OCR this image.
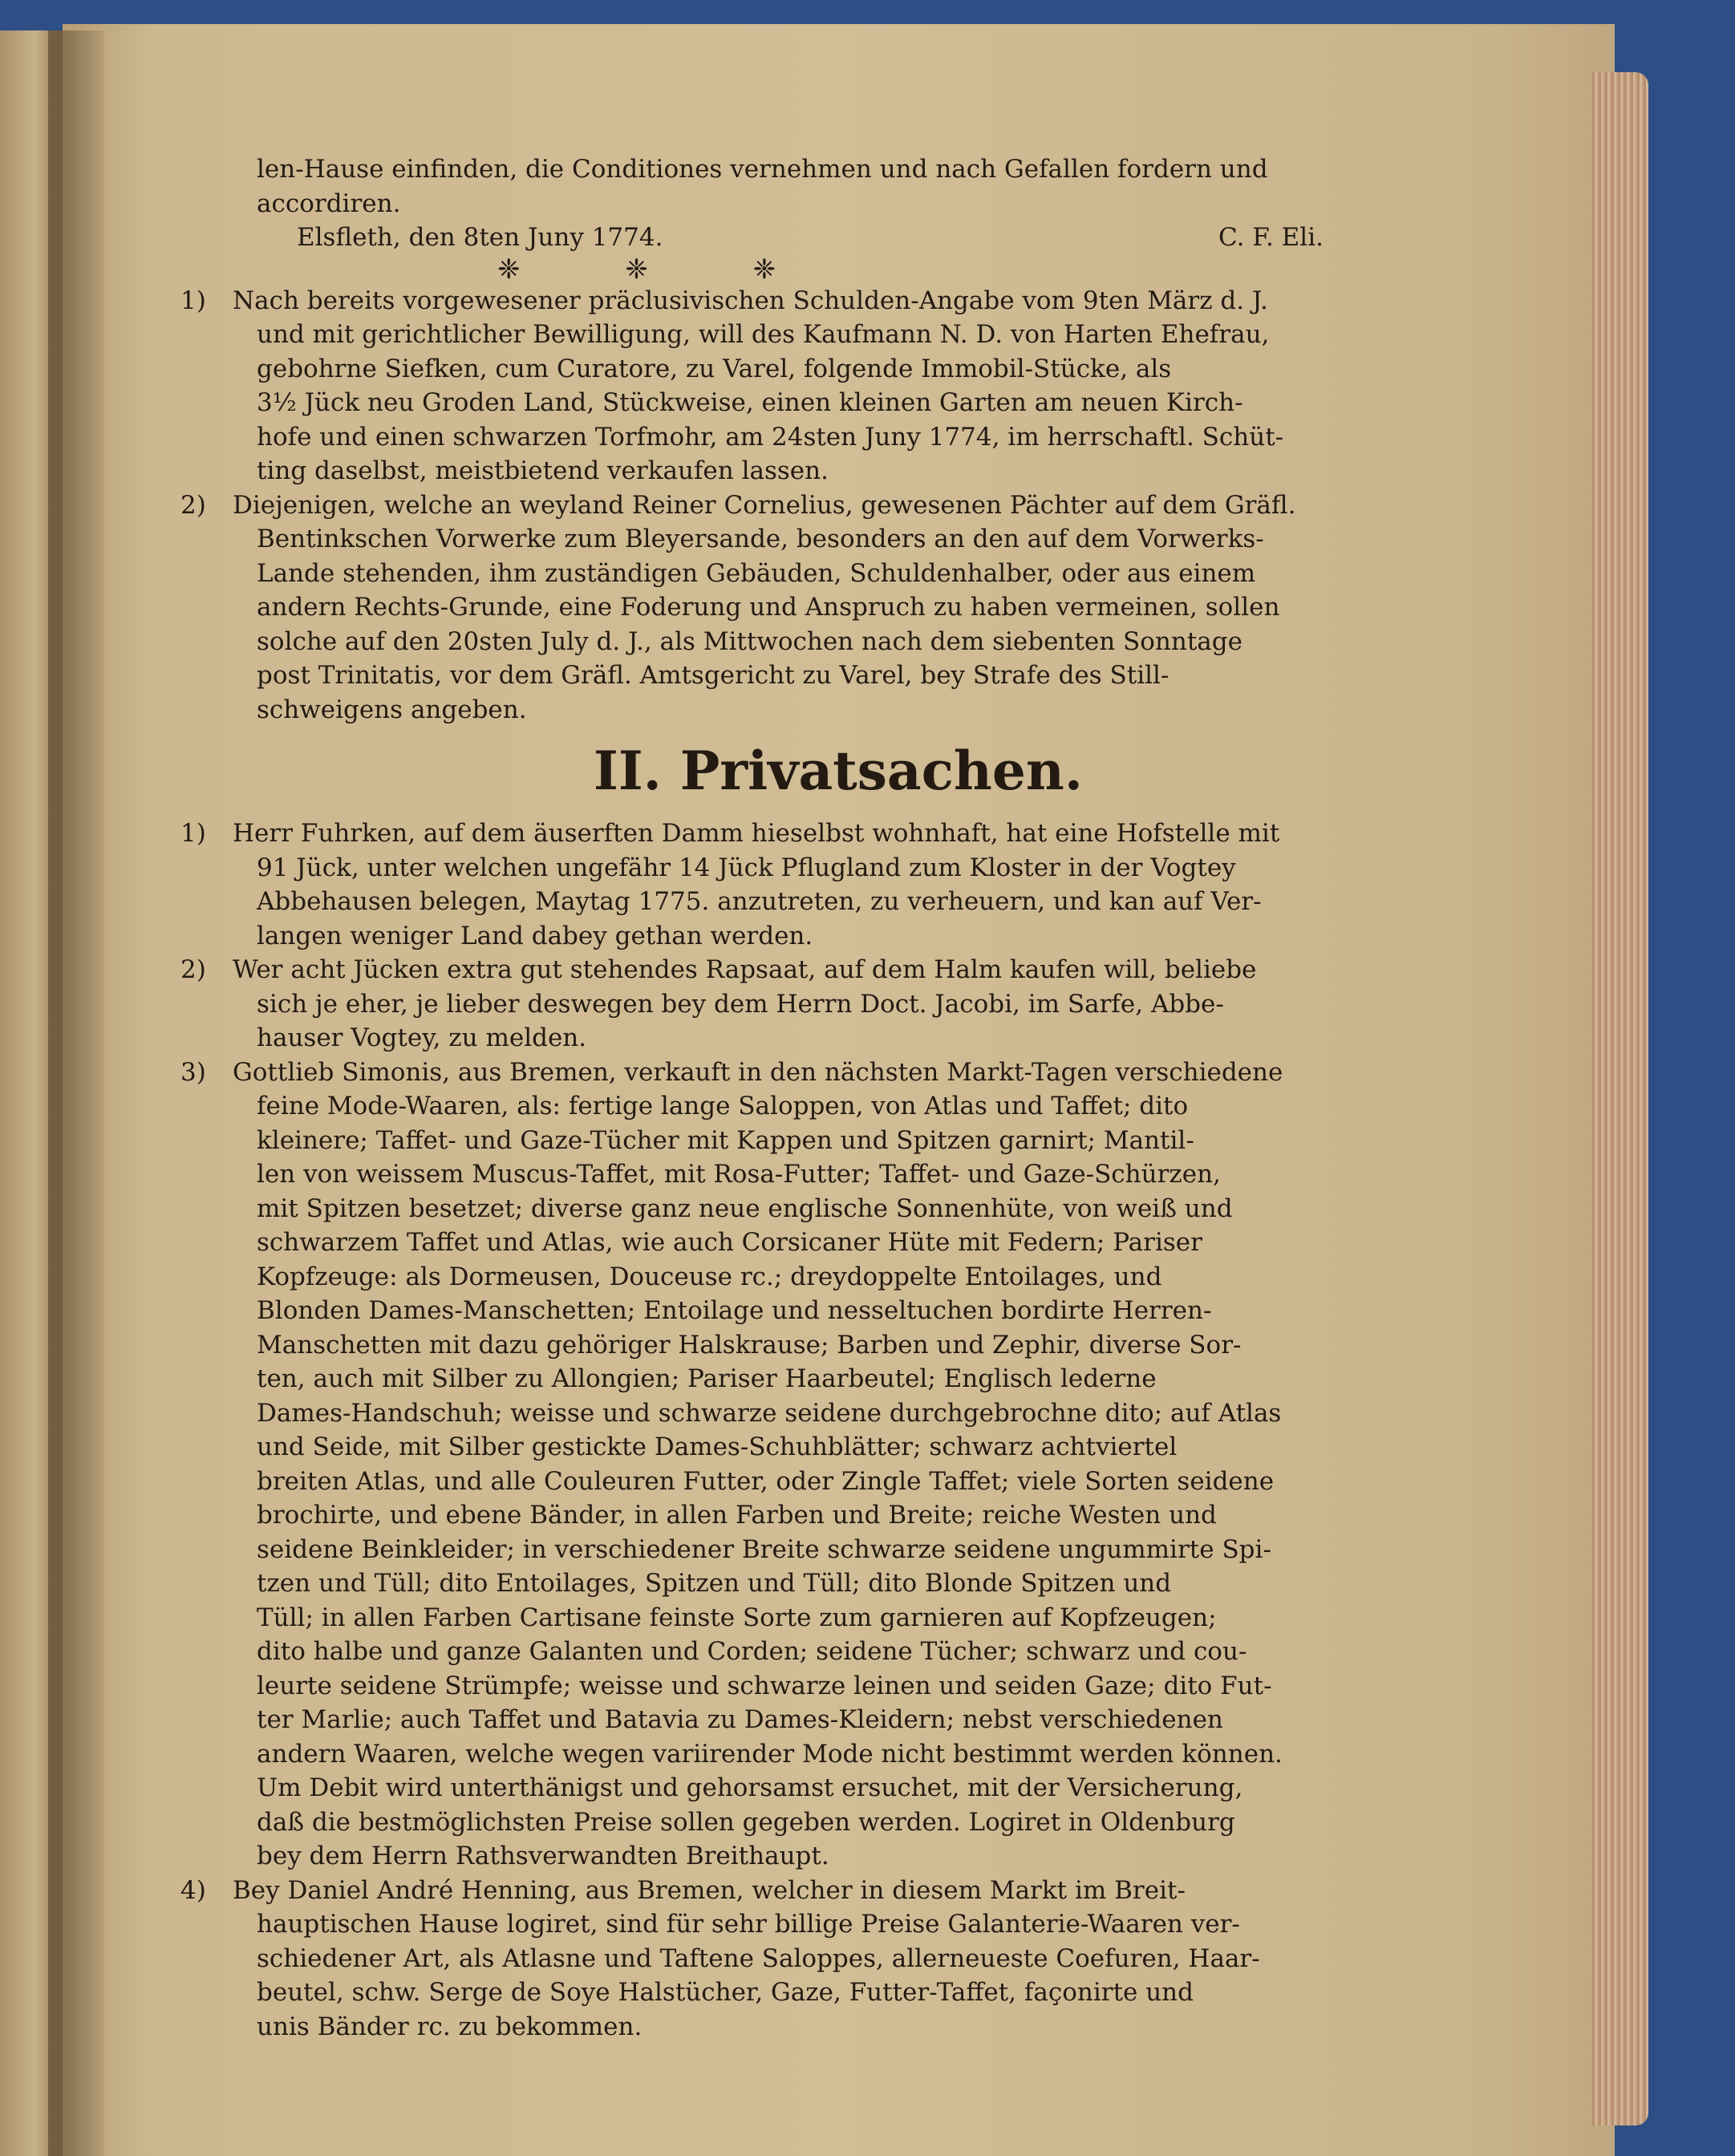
len-Hause einfinden, die Conditiones vernehmen und nach Gefallen fordern und
accordiren.
Elsfleth, den 8ten Juny 1774.	C. F. Eli.
❈ ❈ ❈
1)	Nach bereits vorgewesener präclusivischen Schulden-Angabe vom 9ten März d. J.
und mit gerichtlicher Bewilligung, will des Kaufmann N. D. von Harten Ehefrau,
gebohrne Siefken, cum Curatore, zu Varel, folgende Immobil-Stücke, als
3½ Jück neu Groden Land, Stückweise, einen kleinen Garten am neuen Kirch-
hofe und einen schwarzen Torfmohr, am 24sten Juny 1774, im herrschaftl. Schüt-
ting daselbst, meistbietend verkaufen lassen.
2)	Diejenigen, welche an weyland Reiner Cornelius, gewesenen Pächter auf dem Gräfl.
Bentinkschen Vorwerke zum Bleyersande, besonders an den auf dem Vorwerks-
Lande stehenden, ihm zuständigen Gebäuden, Schuldenhalber, oder aus einem
andern Rechts-Grunde, eine Foderung und Anspruch zu haben vermeinen, sollen
solche auf den 20sten July d. J., als Mittwochen nach dem siebenten Sonntage
post Trinitatis, vor dem Gräfl. Amtsgericht zu Varel, bey Strafe des Still-
schweigens angeben.
II. Privatsachen.
1)	Herr Fuhrken, auf dem äuserften Damm hieselbst wohnhaft, hat eine Hofstelle mit
91 Jück, unter welchen ungefähr 14 Jück Pflugland zum Kloster in der Vogtey
Abbehausen belegen, Maytag 1775. anzutreten, zu verheuern, und kan auf Ver-
langen weniger Land dabey gethan werden.
2)	Wer acht Jücken extra gut stehendes Rapsaat, auf dem Halm kaufen will, beliebe
sich je eher, je lieber deswegen bey dem Herrn Doct. Jacobi, im Sarfe, Abbe-
hauser Vogtey, zu melden.
3)	Gottlieb Simonis, aus Bremen, verkauft in den nächsten Markt-Tagen verschiedene
feine Mode-Waaren, als: fertige lange Saloppen, von Atlas und Taffet; dito
kleinere; Taffet- und Gaze-Tücher mit Kappen und Spitzen garnirt; Mantil-
len von weissem Muscus-Taffet, mit Rosa-Futter; Taffet- und Gaze-Schürzen,
mit Spitzen besetzet; diverse ganz neue englische Sonnenhüte, von weiß und
schwarzem Taffet und Atlas, wie auch Corsicaner Hüte mit Federn; Pariser
Kopfzeuge: als Dormeusen, Douceuse rc.; dreydoppelte Entoilages, und
Blonden Dames-Manschetten; Entoilage und nesseltuchen bordirte Herren-
Manschetten mit dazu gehöriger Halskrause; Barben und Zephir, diverse Sor-
ten, auch mit Silber zu Allongien; Pariser Haarbeutel; Englisch lederne
Dames-Handschuh; weisse und schwarze seidene durchgebrochne dito; auf Atlas
und Seide, mit Silber gestickte Dames-Schuhblätter; schwarz achtviertel
breiten Atlas, und alle Couleuren Futter, oder Zingle Taffet; viele Sorten seidene
brochirte, und ebene Bänder, in allen Farben und Breite; reiche Westen und
seidene Beinkleider; in verschiedener Breite schwarze seidene ungummirte Spi-
tzen und Tüll; dito Entoilages, Spitzen und Tüll; dito Blonde Spitzen und
Tüll; in allen Farben Cartisane feinste Sorte zum garnieren auf Kopfzeugen;
dito halbe und ganze Galanten und Corden; seidene Tücher; schwarz und cou-
leurte seidene Strümpfe; weisse und schwarze leinen und seiden Gaze; dito Fut-
ter Marlie; auch Taffet und Batavia zu Dames-Kleidern; nebst verschiedenen
andern Waaren, welche wegen variirender Mode nicht bestimmt werden können.
Um Debit wird unterthänigst und gehorsamst ersuchet, mit der Versicherung,
daß die bestmöglichsten Preise sollen gegeben werden. Logiret in Oldenburg
bey dem Herrn Rathsverwandten Breithaupt.
4)	Bey Daniel André Henning, aus Bremen, welcher in diesem Markt im Breit-
hauptischen Hause logiret, sind für sehr billige Preise Galanterie-Waaren ver-
schiedener Art, als Atlasne und Taftene Saloppes, allerneueste Coefuren, Haar-
beutel, schw. Serge de Soye Halstücher, Gaze, Futter-Taffet, façonirte und
unis Bänder rc. zu bekommen.
